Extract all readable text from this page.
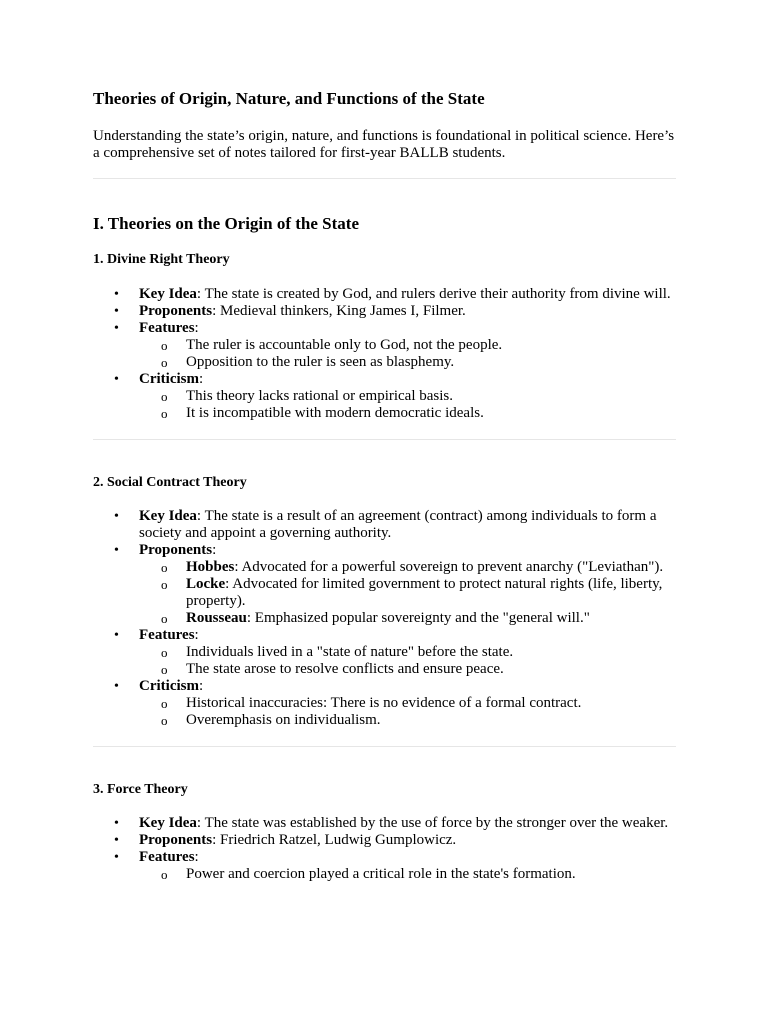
Theories of Origin, Nature, and Functions of the State

Understanding the state’s origin, nature, and functions is foundational in political science. Here’s a comprehensive set of notes tailored for first-year BALLB students.

I. Theories on the Origin of the State
1. Divine Right Theory
• Key Idea: The state is created by God, and rulers derive their authority from divine will.
• Proponents: Medieval thinkers, King James I, Filmer.
• Features:
o The ruler is accountable only to God, not the people.
o Opposition to the ruler is seen as blasphemy.
• Criticism:
o This theory lacks rational or empirical basis.
o It is incompatible with modern democratic ideals.
2. Social Contract Theory
• Key Idea: The state is a result of an agreement (contract) among individuals to form a society and appoint a governing authority.
• Proponents:
o Hobbes: Advocated for a powerful sovereign to prevent anarchy ("Leviathan").
o Locke: Advocated for limited government to protect natural rights (life, liberty, property).
o Rousseau: Emphasized popular sovereignty and the "general will."
• Features:
o Individuals lived in a "state of nature" before the state.
o The state arose to resolve conflicts and ensure peace.
• Criticism:
o Historical inaccuracies: There is no evidence of a formal contract.
o Overemphasis on individualism.
3. Force Theory
• Key Idea: The state was established by the use of force by the stronger over the weaker.
• Proponents: Friedrich Ratzel, Ludwig Gumplowicz.
• Features:
o Power and coercion played a critical role in the state's formation.
